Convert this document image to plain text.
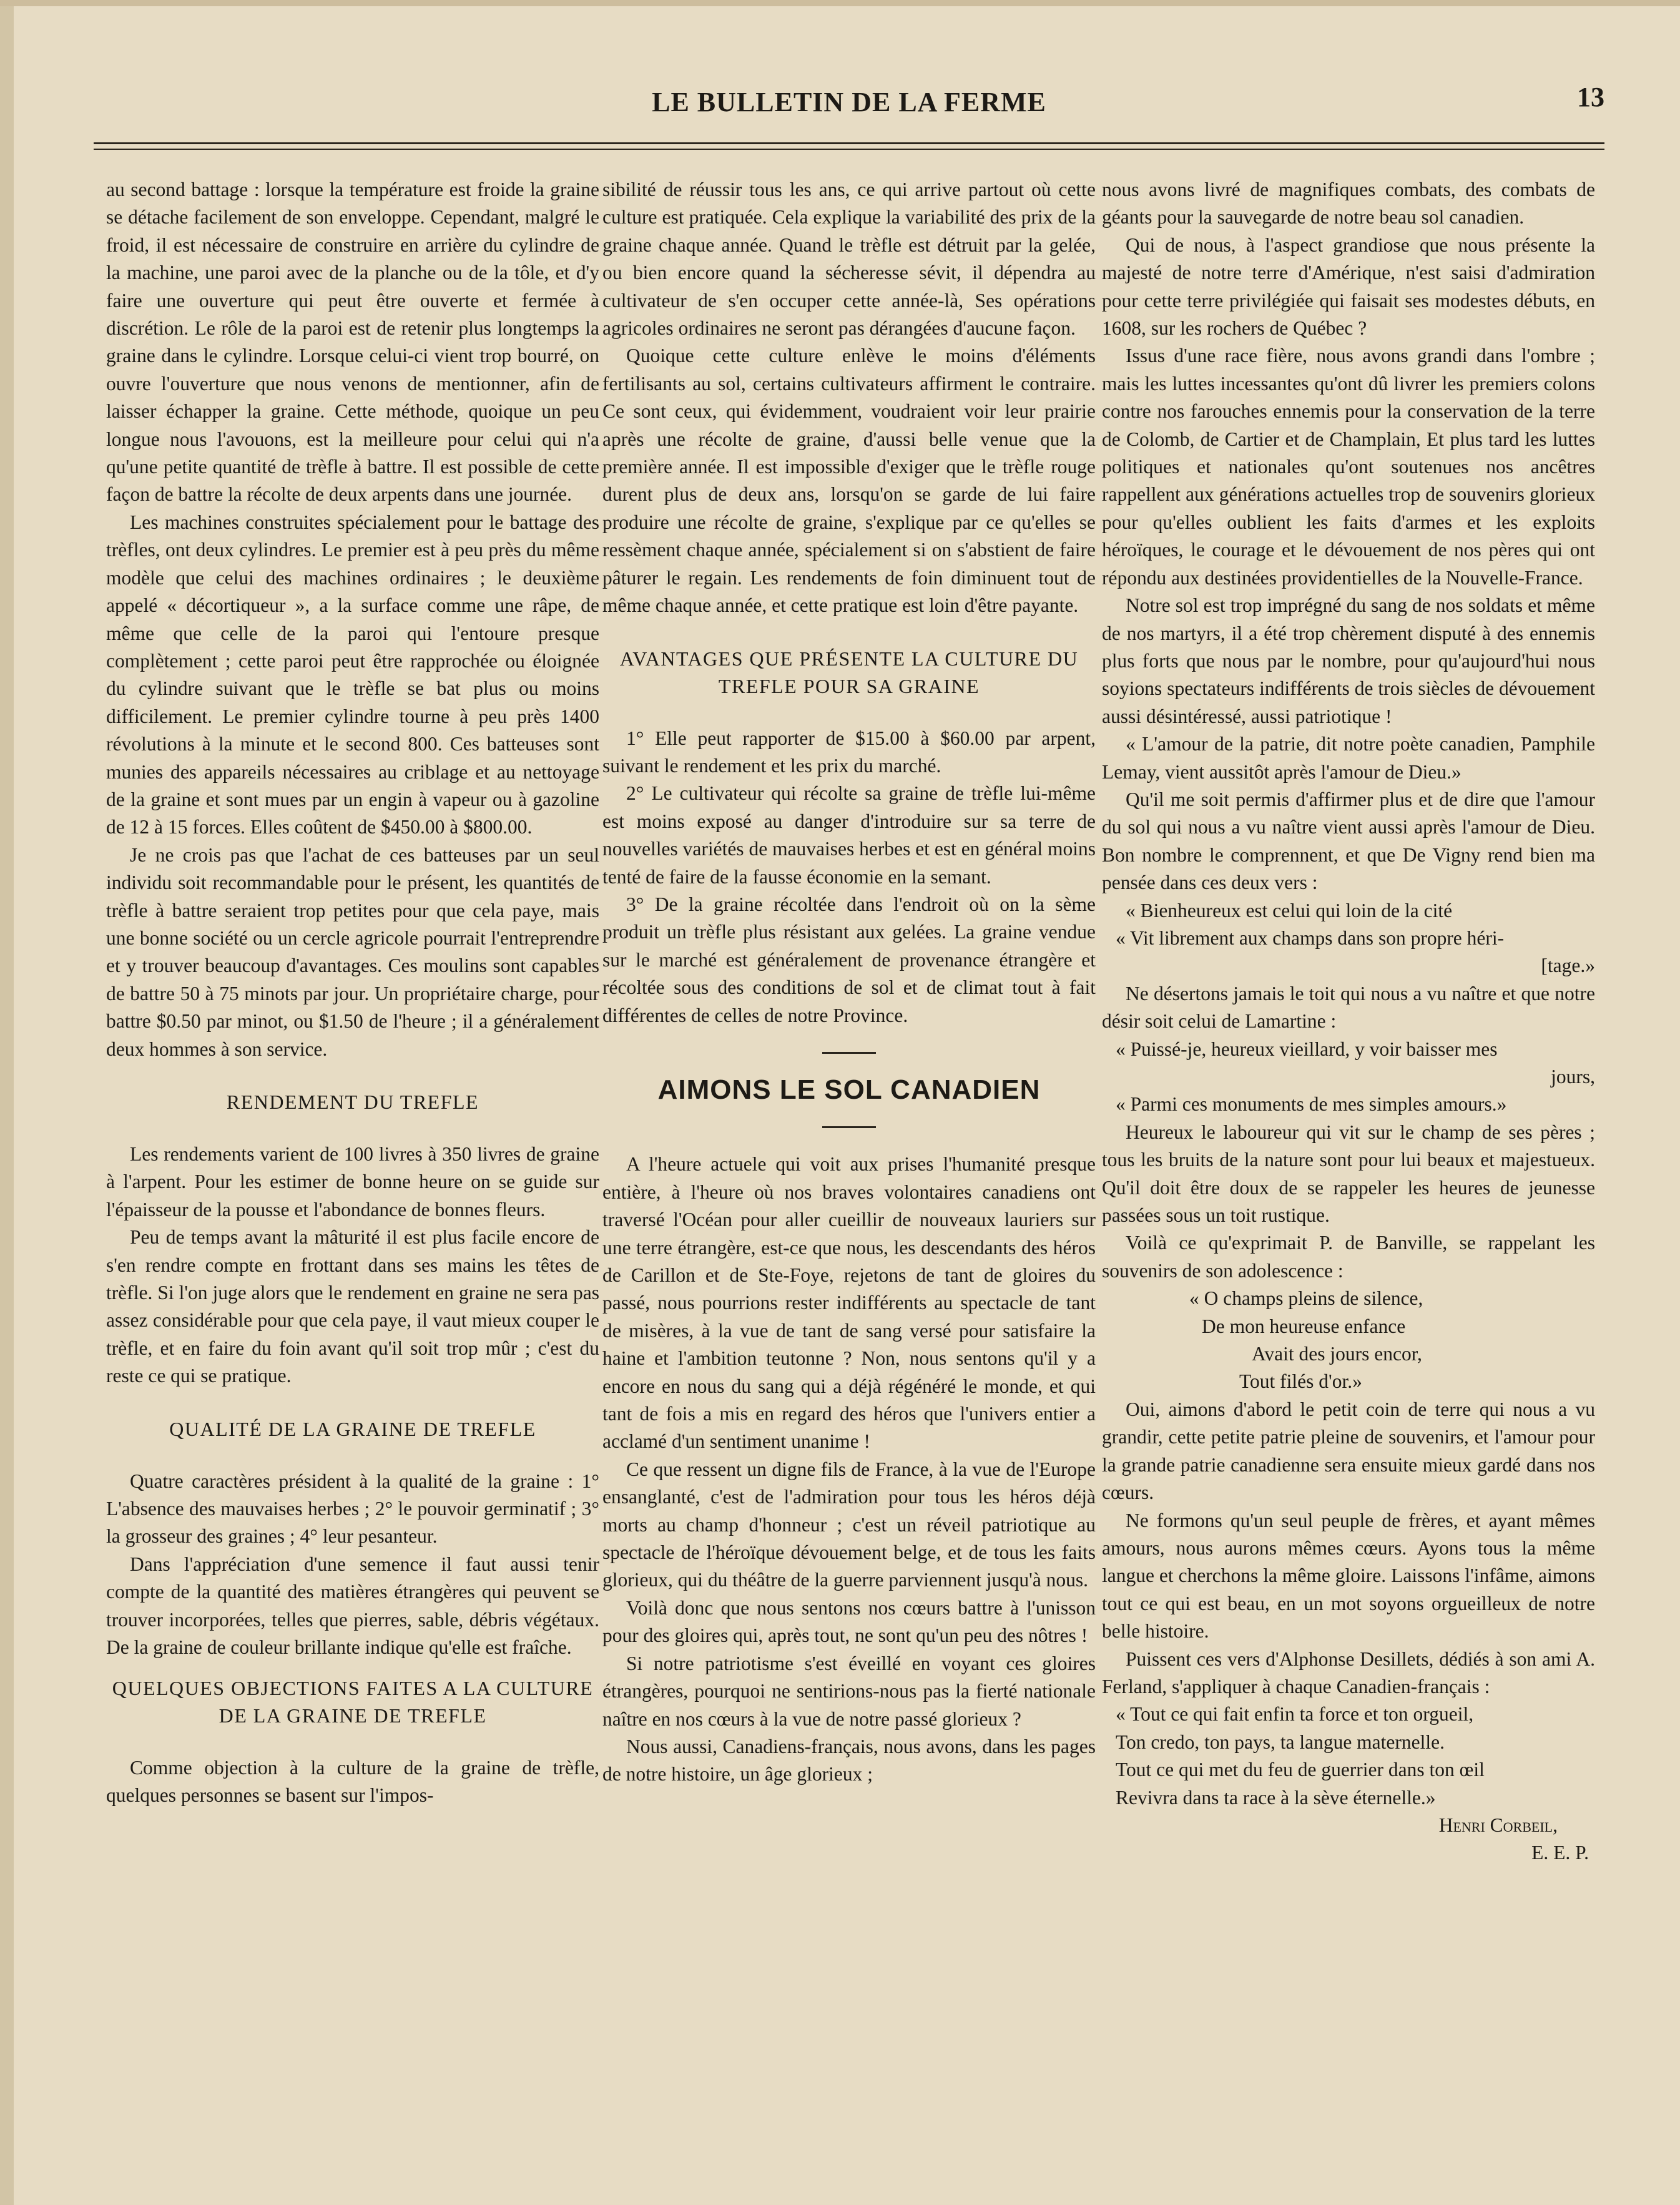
LE BULLETIN DE LA FERME	13

au second battage : lorsque la température est froide la graine se détache facilement de son enveloppe. Cependant, malgré le froid, il est nécessaire de construire en arrière du cylindre de la machine, une paroi avec de la planche ou de la tôle, et d'y faire une ouverture qui peut être ouverte et fermée à discrétion. Le rôle de la paroi est de retenir plus longtemps la graine dans le cylindre. Lorsque celui-ci vient trop bourré, on ouvre l'ouverture que nous venons de mentionner, afin de laisser échapper la graine. Cette méthode, quoique un peu longue nous l'avouons, est la meilleure pour celui qui n'a qu'une petite quantité de trèfle à battre. Il est possible de cette façon de battre la récolte de deux arpents dans une journée.

Les machines construites spécialement pour le battage des trèfles, ont deux cylindres. Le premier est à peu près du même modèle que celui des machines ordinaires ; le deuxième appelé « décortiqueur », a la surface comme une râpe, de même que celle de la paroi qui l'entoure presque complètement ; cette paroi peut être rapprochée ou éloignée du cylindre suivant que le trèfle se bat plus ou moins difficilement. Le premier cylindre tourne à peu près 1400 révolutions à la minute et le second 800. Ces batteuses sont munies des appareils nécessaires au criblage et au nettoyage de la graine et sont mues par un engin à vapeur ou à gazoline de 12 à 15 forces. Elles coûtent de $450.00 à $800.00.

Je ne crois pas que l'achat de ces batteuses par un seul individu soit recommandable pour le présent, les quantités de trèfle à battre seraient trop petites pour que cela paye, mais une bonne société ou un cercle agricole pourrait l'entreprendre et y trouver beaucoup d'avantages. Ces moulins sont capables de battre 50 à 75 minots par jour. Un propriétaire charge, pour battre $0.50 par minot, ou $1.50 de l'heure ; il a généralement deux hommes à son service.

RENDEMENT DU TREFLE

Les rendements varient de 100 livres à 350 livres de graine à l'arpent. Pour les estimer de bonne heure on se guide sur l'épaisseur de la pousse et l'abondance de bonnes fleurs.

Peu de temps avant la mâturité il est plus facile encore de s'en rendre compte en frottant dans ses mains les têtes de trèfle. Si l'on juge alors que le rendement en graine ne sera pas assez considérable pour que cela paye, il vaut mieux couper le trèfle, et en faire du foin avant qu'il soit trop mûr ; c'est du reste ce qui se pratique.

QUALITÉ DE LA GRAINE DE TREFLE

Quatre caractères président à la qualité de la graine : 1° L'absence des mauvaises herbes ; 2° le pouvoir germinatif ; 3° la grosseur des graines ; 4° leur pesanteur.

Dans l'appréciation d'une semence il faut aussi tenir compte de la quantité des matières étrangères qui peuvent se trouver incorporées, telles que pierres, sable, débris végétaux. De la graine de couleur brillante indique qu'elle est fraîche.

QUELQUES OBJECTIONS FAITES A LA CULTURE DE LA GRAINE DE TREFLE

Comme objection à la culture de la graine de trèfle, quelques personnes se basent sur l'impos-

sibilité de réussir tous les ans, ce qui arrive partout où cette culture est pratiquée. Cela explique la variabilité des prix de la graine chaque année. Quand le trèfle est détruit par la gelée, ou bien encore quand la sécheresse sévit, il dépendra au cultivateur de s'en occuper cette année-là, Ses opérations agricoles ordinaires ne seront pas dérangées d'aucune façon.

Quoique cette culture enlève le moins d'éléments fertilisants au sol, certains cultivateurs affirment le contraire. Ce sont ceux, qui évidemment, voudraient voir leur prairie après une récolte de graine, d'aussi belle venue que la première année. Il est impossible d'exiger que le trèfle rouge durent plus de deux ans, lorsqu'on se garde de lui faire produire une récolte de graine, s'explique par ce qu'elles se ressèment chaque année, spécialement si on s'abstient de faire pâturer le regain. Les rendements de foin diminuent tout de même chaque année, et cette pratique est loin d'être payante.

AVANTAGES QUE PRÉSENTE LA CULTURE DU TREFLE POUR SA GRAINE

1° Elle peut rapporter de $15.00 à $60.00 par arpent, suivant le rendement et les prix du marché.

2° Le cultivateur qui récolte sa graine de trèfle lui-même est moins exposé au danger d'introduire sur sa terre de nouvelles variétés de mauvaises herbes et est en général moins tenté de faire de la fausse économie en la semant.

3° De la graine récoltée dans l'endroit où on la sème produit un trèfle plus résistant aux gelées. La graine vendue sur le marché est généralement de provenance étrangère et récoltée sous des conditions de sol et de climat tout à fait différentes de celles de notre Province.

AIMONS LE SOL CANADIEN

A l'heure actuele qui voit aux prises l'humanité presque entière, à l'heure où nos braves volontaires canadiens ont traversé l'Océan pour aller cueillir de nouveaux lauriers sur une terre étrangère, est-ce que nous, les descendants des héros de Carillon et de Ste-Foye, rejetons de tant de gloires du passé, nous pourrions rester indifférents au spectacle de tant de misères, à la vue de tant de sang versé pour satisfaire la haine et l'ambition teutonne ? Non, nous sentons qu'il y a encore en nous du sang qui a déjà régénéré le monde, et qui tant de fois a mis en regard des héros que l'univers entier a acclamé d'un sentiment unanime !

Ce que ressent un digne fils de France, à la vue de l'Europe ensanglanté, c'est de l'admiration pour tous les héros déjà morts au champ d'honneur ; c'est un réveil patriotique au spectacle de l'héroïque dévouement belge, et de tous les faits glorieux, qui du théâtre de la guerre parviennent jusqu'à nous.

Voilà donc que nous sentons nos cœurs battre à l'unisson pour des gloires qui, après tout, ne sont qu'un peu des nôtres !

Si notre patriotisme s'est éveillé en voyant ces gloires étrangères, pourquoi ne sentirions-nous pas la fierté nationale naître en nos cœurs à la vue de notre passé glorieux ?

Nous aussi, Canadiens-français, nous avons, dans les pages de notre histoire, un âge glorieux ;

nous avons livré de magnifiques combats, des combats de géants pour la sauvegarde de notre beau sol canadien.

Qui de nous, à l'aspect grandiose que nous présente la majesté de notre terre d'Amérique, n'est saisi d'admiration pour cette terre privilégiée qui faisait ses modestes débuts, en 1608, sur les rochers de Québec ?

Issus d'une race fière, nous avons grandi dans l'ombre ; mais les luttes incessantes qu'ont dû livrer les premiers colons contre nos farouches ennemis pour la conservation de la terre de Colomb, de Cartier et de Champlain, Et plus tard les luttes politiques et nationales qu'ont soutenues nos ancêtres rappellent aux générations actuelles trop de souvenirs glorieux pour qu'elles oublient les faits d'armes et les exploits héroïques, le courage et le dévouement de nos pères qui ont répondu aux destinées providentielles de la Nouvelle-France.

Notre sol est trop imprégné du sang de nos soldats et même de nos martyrs, il a été trop chèrement disputé à des ennemis plus forts que nous par le nombre, pour qu'aujourd'hui nous soyions spectateurs indifférents de trois siècles de dévouement aussi désintéressé, aussi patriotique !

« L'amour de la patrie, dit notre poète canadien, Pamphile Lemay, vient aussitôt après l'amour de Dieu.»

Qu'il me soit permis d'affirmer plus et de dire que l'amour du sol qui nous a vu naître vient aussi après l'amour de Dieu. Bon nombre le comprennent, et que De Vigny rend bien ma pensée dans ces deux vers :

« Bienheureux est celui qui loin de la cité
« Vit librement aux champs dans son propre héri-
[tage.»

Ne désertons jamais le toit qui nous a vu naître et que notre désir soit celui de Lamartine :

« Puissé-je, heureux vieillard, y voir baisser mes
jours,
« Parmi ces monuments de mes simples amours.»

Heureux le laboureur qui vit sur le champ de ses pères ; tous les bruits de la nature sont pour lui beaux et majestueux. Qu'il doit être doux de se rappeler les heures de jeunesse passées sous un toit rustique.

Voilà ce qu'exprimait P. de Banville, se rappelant les souvenirs de son adolescence :

« O champs pleins de silence,
De mon heureuse enfance
Avait des jours encor,
Tout filés d'or.»

Oui, aimons d'abord le petit coin de terre qui nous a vu grandir, cette petite patrie pleine de souvenirs, et l'amour pour la grande patrie canadienne sera ensuite mieux gardé dans nos cœurs.

Ne formons qu'un seul peuple de frères, et ayant mêmes amours, nous aurons mêmes cœurs. Ayons tous la même langue et cherchons la même gloire. Laissons l'infâme, aimons tout ce qui est beau, en un mot soyons orgueilleux de notre belle histoire.

Puissent ces vers d'Alphonse Desillets, dédiés à son ami A. Ferland, s'appliquer à chaque Canadien-français :

« Tout ce qui fait enfin ta force et ton orgueil,
Ton credo, ton pays, ta langue maternelle.
Tout ce qui met du feu de guerrier dans ton œil
Revivra dans ta race à la sève éternelle.»
Henri Corbeil,
E. E. P.
